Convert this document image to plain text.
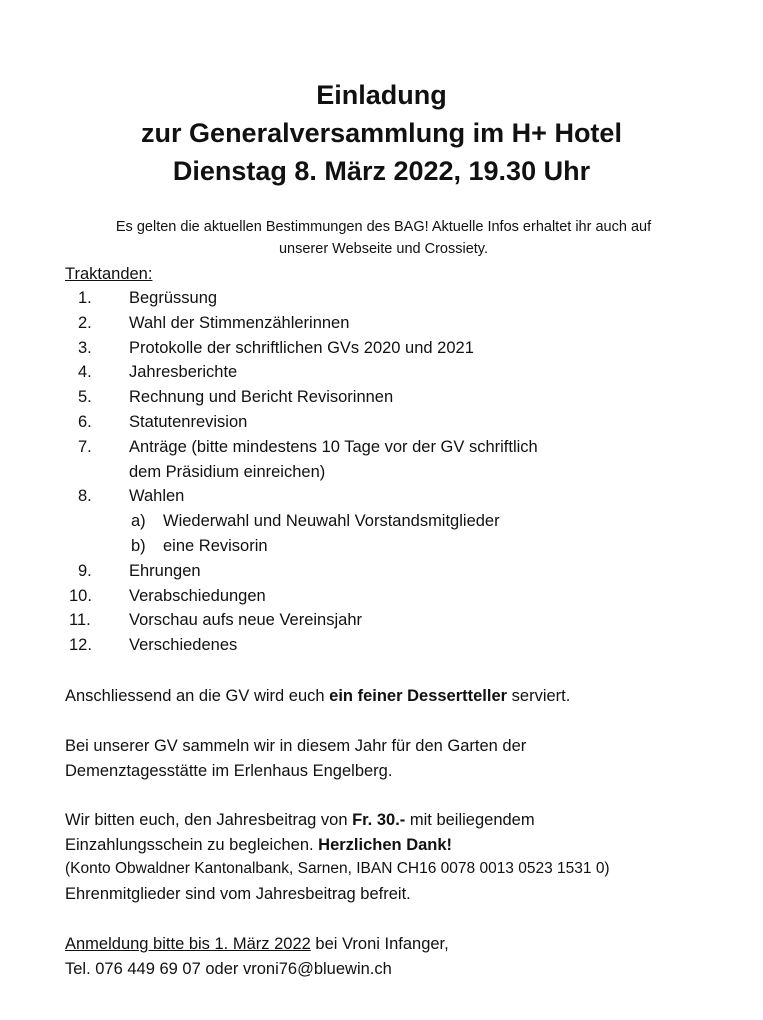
Einladung
zur Generalversammlung im H+ Hotel
Dienstag 8. März 2022, 19.30 Uhr
Es gelten die aktuellen Bestimmungen des BAG! Aktuelle Infos erhaltet ihr auch auf
unserer Webseite und Crossiety.
Traktanden:
1. Begrüssung
2. Wahl der Stimmenzählerinnen
3. Protokolle der schriftlichen GVs 2020 und 2021
4. Jahresberichte
5. Rechnung und Bericht Revisorinnen
6. Statutenrevision
7. Anträge (bitte mindestens 10 Tage vor der GV schriftlich
dem Präsidium einreichen)
8. Wahlen
a) Wiederwahl und Neuwahl Vorstandsmitglieder
b) eine Revisorin
9. Ehrungen
10. Verabschiedungen
11. Vorschau aufs neue Vereinsjahr
12. Verschiedenes
Anschliessend an die GV wird euch ein feiner Dessertteller serviert.
Bei unserer GV sammeln wir in diesem Jahr für den Garten der
Demenztagesstätte im Erlenhaus Engelberg.
Wir bitten euch, den Jahresbeitrag von Fr. 30.- mit beiliegendem
Einzahlungsschein zu begleichen. Herzlichen Dank!
(Konto Obwaldner Kantonalbank, Sarnen, IBAN CH16 0078 0013 0523 1531 0)
Ehrenmitglieder sind vom Jahresbeitrag befreit.
Anmeldung bitte bis 1. März 2022 bei Vroni Infanger,
Tel. 076 449 69 07 oder vroni76@bluewin.ch
